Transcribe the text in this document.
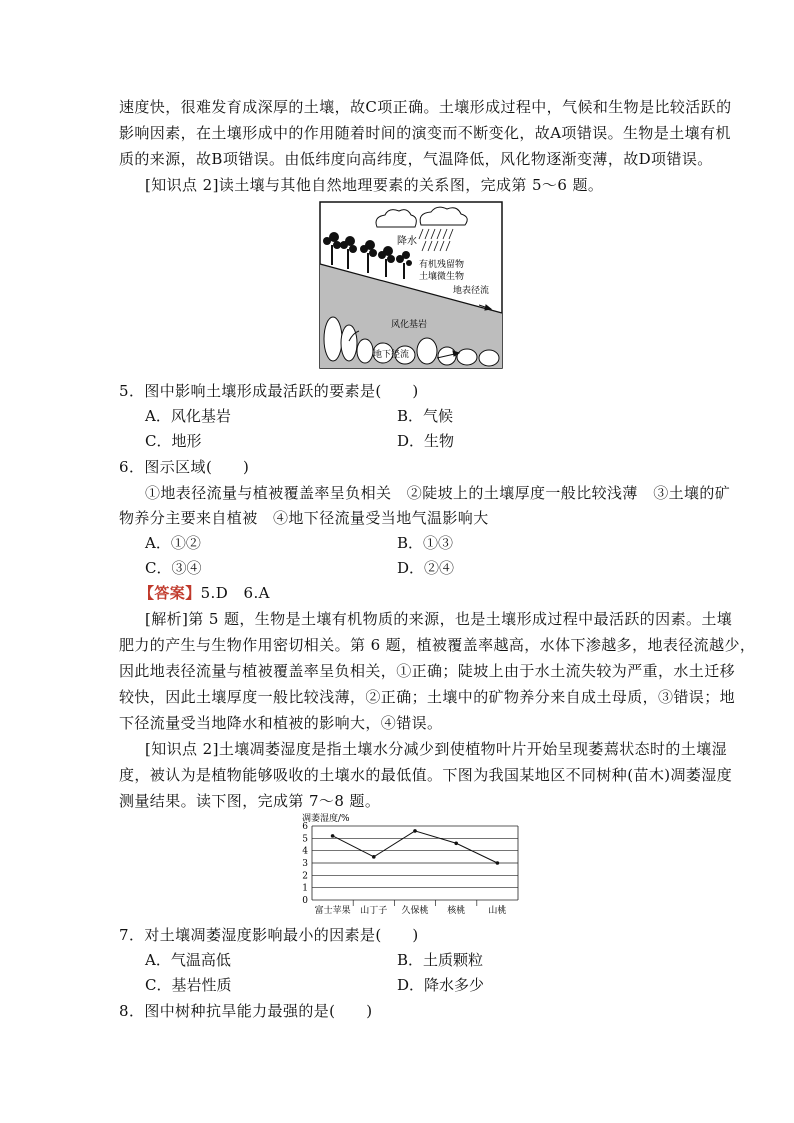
速度快，很难发育成深厚的土壤，故C项正确。土壤形成过程中，气候和生物是比较活跃的
影响因素，在土壤形成中的作用随着时间的演变而不断变化，故A项错误。生物是土壤有机
质的来源，故B项错误。由低纬度向高纬度，气温降低，风化物逐渐变薄，故D项错误。
[知识点 2]读土壤与其他自然地理要素的关系图，完成第 5～6 题。
降水
有机残留物
土壤微生物
地表径流
风化基岩
地下径流
5．图中影响土壤形成最活跃的要素是(　　)
A．风化基岩	B．气候
C．地形	D．生物
6．图示区域(　　)
①地表径流量与植被覆盖率呈负相关　②陡坡上的土壤厚度一般比较浅薄　③土壤的矿
物养分主要来自植被　④地下径流量受当地气温影响大
A．①②	B．①③
C．③④	D．②④
【答案】5.D　6.A
[解析]第 5 题，生物是土壤有机物质的来源，也是土壤形成过程中最活跃的因素。土壤
肥力的产生与生物作用密切相关。第 6 题，植被覆盖率越高，水体下渗越多，地表径流越少，
因此地表径流量与植被覆盖率呈负相关，①正确；陡坡上由于水土流失较为严重，水土迁移
较快，因此土壤厚度一般比较浅薄，②正确；土壤中的矿物养分来自成土母质，③错误；地
下径流量受当地降水和植被的影响大，④错误。
[知识点 2]土壤凋萎湿度是指土壤水分减少到使植物叶片开始呈现萎蔫状态时的土壤湿
度，被认为是植物能够吸收的土壤水的最低值。下图为我国某地区不同树种(苗木)凋萎湿度
测量结果。读下图，完成第 7～8 题。
凋萎湿度/%
0
1
2
3
4
5
6
富士苹果 山丁子 久保桃 核桃	山桃
7．对土壤凋萎湿度影响最小的因素是(　　)
A．气温高低	B．土质颗粒
C．基岩性质	D．降水多少
8．图中树种抗旱能力最强的是(　　)
